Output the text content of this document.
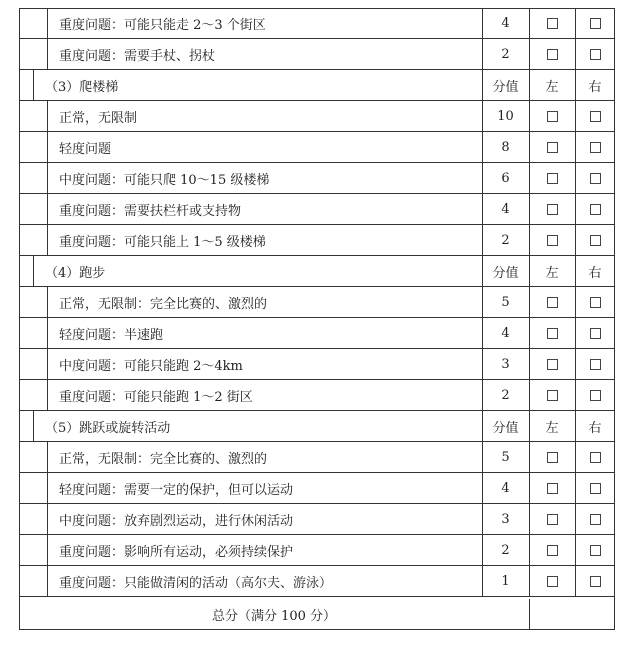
重度问题：可能只能走 2～3 个街区	4
重度问题：需要手杖、拐杖	2
（3）爬楼梯	分值	左	右
正常，无限制	10
轻度问题	8
中度问题：可能只爬 10～15 级楼梯	6
重度问题：需要扶栏杆或支持物	4
重度问题：可能只能上 1～5 级楼梯	2
（4）跑步	分值	左	右
正常，无限制：完全比赛的、激烈的	5
轻度问题：半速跑	4
中度问题：可能只能跑 2～4km	3
重度问题：可能只能跑 1～2 街区	2
（5）跳跃或旋转活动	分值	左	右
正常，无限制：完全比赛的、激烈的	5
轻度问题：需要一定的保护，但可以运动	4
中度问题：放弃剧烈运动，进行休闲活动	3
重度问题：影响所有运动，必须持续保护	2
重度问题：只能做清闲的活动（高尔夫、游泳）	1
总分（满分 100 分）
